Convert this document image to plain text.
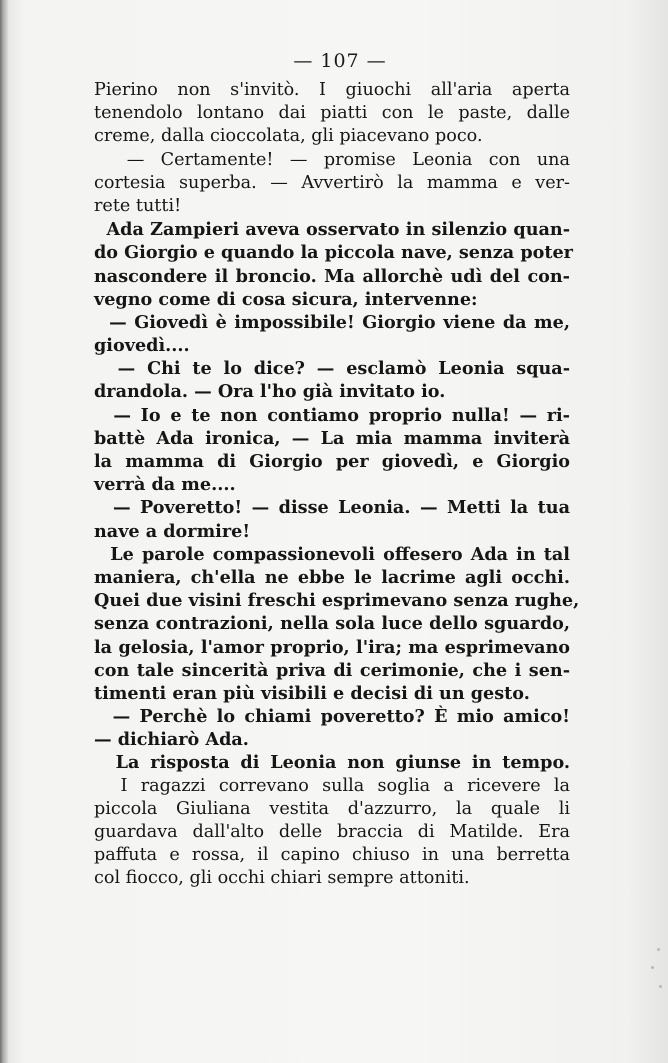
— 107 —

Pierino non s'invitò. I giuochi all'aria aperta
tenendolo lontano dai piatti con le paste, dalle
creme, dalla cioccolata, gli piacevano poco.
— Certamente! — promise Leonia con una
cortesia superba. — Avvertirò la mamma e ver-
rete tutti!
Ada Zampieri aveva osservato in silenzio quan-
do Giorgio e quando la piccola nave, senza poter
nascondere il broncio. Ma allorchè udì del con-
vegno come di cosa sicura, intervenne:
— Giovedì è impossibile! Giorgio viene da me,
giovedì....
— Chi te lo dice? — esclamò Leonia squa-
drandola. — Ora l'ho già invitato io.
— Io e te non contiamo proprio nulla! — ri-
battè Ada ironica, — La mia mamma inviterà
la mamma di Giorgio per giovedì, e Giorgio
verrà da me....
— Poveretto! — disse Leonia. — Metti la tua
nave a dormire!
Le parole compassionevoli offesero Ada in tal
maniera, ch'ella ne ebbe le lacrime agli occhi.
Quei due visini freschi esprimevano senza rughe,
senza contrazioni, nella sola luce dello sguardo,
la gelosia, l'amor proprio, l'ira; ma esprimevano
con tale sincerità priva di cerimonie, che i sen-
timenti eran più visibili e decisi di un gesto.
— Perchè lo chiami poveretto? È mio amico!
— dichiarò Ada.
La risposta di Leonia non giunse in tempo.
I ragazzi correvano sulla soglia a ricevere la
piccola Giuliana vestita d'azzurro, la quale li
guardava dall'alto delle braccia di Matilde. Era
paffuta e rossa, il capino chiuso in una berretta
col fiocco, gli occhi chiari sempre attoniti.
